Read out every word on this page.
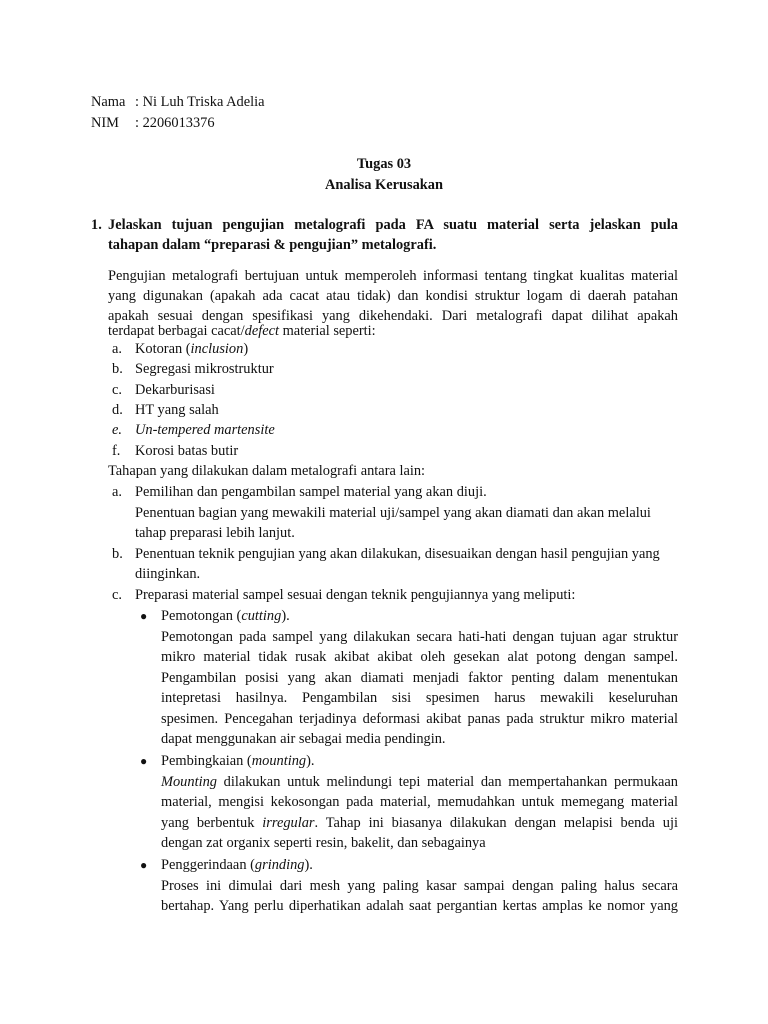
Nama : Ni Luh Triska Adelia
NIM : 2206013376
Tugas 03
Analisa Kerusakan
1. Jelaskan tujuan pengujian metalografi pada FA suatu material serta jelaskan pula
tahapan dalam “preparasi & pengujian” metalografi.
Pengujian metalografi bertujuan untuk memperoleh informasi tentang tingkat kualitas material
yang digunakan (apakah ada cacat atau tidak) dan kondisi struktur logam di daerah patahan
apakah sesuai dengan spesifikasi yang dikehendaki. Dari metalografi dapat dilihat apakah
terdapat berbagai cacat/defect material seperti:
a. Kotoran (inclusion)
b. Segregasi mikrostruktur
c. Dekarburisasi
d. HT yang salah
e. Un-tempered martensite
f. Korosi batas butir
Tahapan yang dilakukan dalam metalografi antara lain:
a. Pemilihan dan pengambilan sampel material yang akan diuji.
Penentuan bagian yang mewakili material uji/sampel yang akan diamati dan akan melalui
tahap preparasi lebih lanjut.
b. Penentuan teknik pengujian yang akan dilakukan, disesuaikan dengan hasil pengujian yang
diinginkan.
c. Preparasi material sampel sesuai dengan teknik pengujiannya yang meliputi:
● Pemotongan (cutting).
Pemotongan pada sampel yang dilakukan secara hati-hati dengan tujuan agar struktur
mikro material tidak rusak akibat akibat oleh gesekan alat potong dengan sampel.
Pengambilan posisi yang akan diamati menjadi faktor penting dalam menentukan
intepretasi hasilnya. Pengambilan sisi spesimen harus mewakili keseluruhan
spesimen. Pencegahan terjadinya deformasi akibat panas pada struktur mikro material
dapat menggunakan air sebagai media pendingin.
● Pembingkaian (mounting).
Mounting dilakukan untuk melindungi tepi material dan mempertahankan permukaan
material, mengisi kekosongan pada material, memudahkan untuk memegang material
yang berbentuk irregular. Tahap ini biasanya dilakukan dengan melapisi benda uji
dengan zat organix seperti resin, bakelit, dan sebagainya
● Penggerindaan (grinding).
Proses ini dimulai dari mesh yang paling kasar sampai dengan paling halus secara
bertahap. Yang perlu diperhatikan adalah saat pergantian kertas amplas ke nomor yang
